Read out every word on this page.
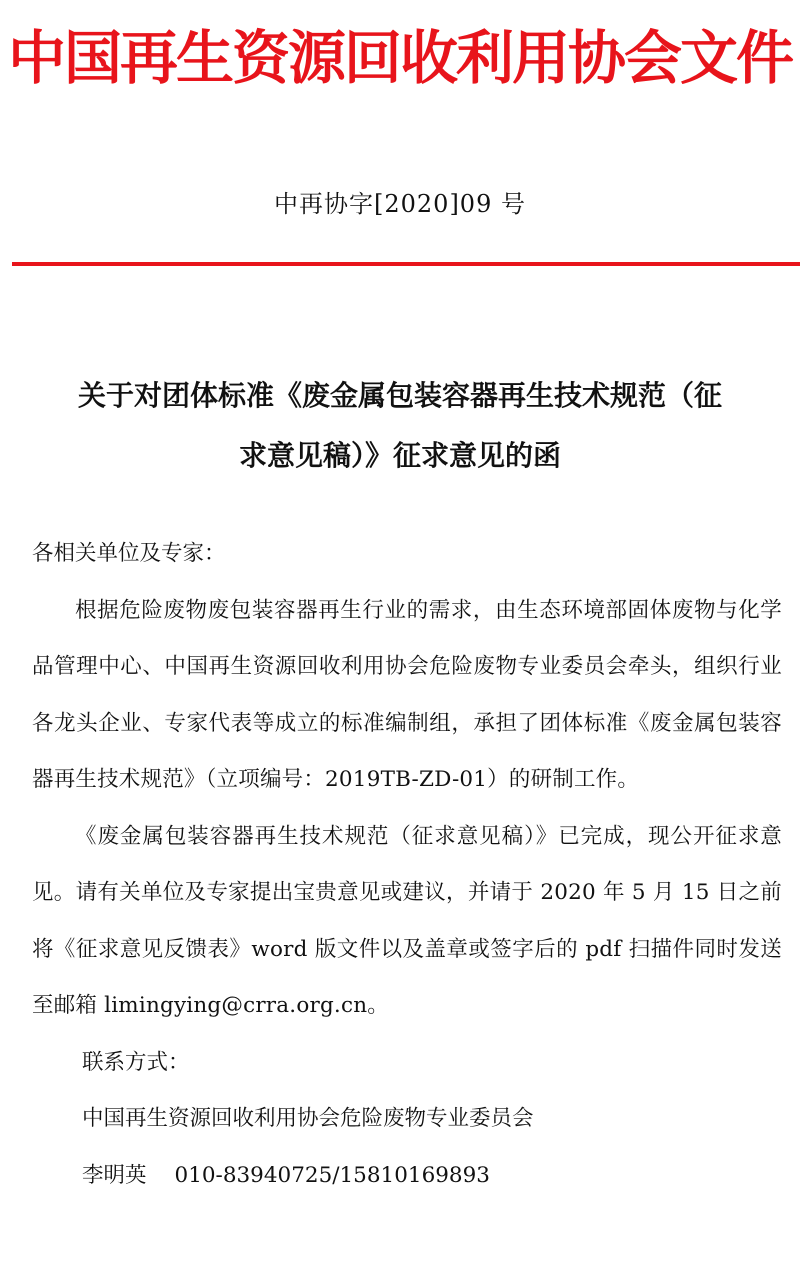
中国再生资源回收利用协会文件
中再协字[2020]09 号
关于对团体标准《废金属包装容器再生技术规范（征
求意见稿）》征求意见的函

各相关单位及专家：

根据危险废物废包装容器再生行业的需求，由生态环境部固体废物与化学品管理中心、中国再生资源回收利用协会危险废物专业委员会牵头，组织行业各龙头企业、专家代表等成立的标准编制组，承担了团体标准《废金属包装容器再生技术规范》（立项编号：2019TB-ZD-01）的研制工作。

《废金属包装容器再生技术规范（征求意见稿）》已完成，现公开征求意见。请有关单位及专家提出宝贵意见或建议，并请于 2020 年 5 月 15 日之前将《征求意见反馈表》word 版文件以及盖章或签字后的 pdf 扫描件同时发送至邮箱 limingying@crra.org.cn。

联系方式：

中国再生资源回收利用协会危险废物专业委员会

李明英 010-83940725/15810169893
